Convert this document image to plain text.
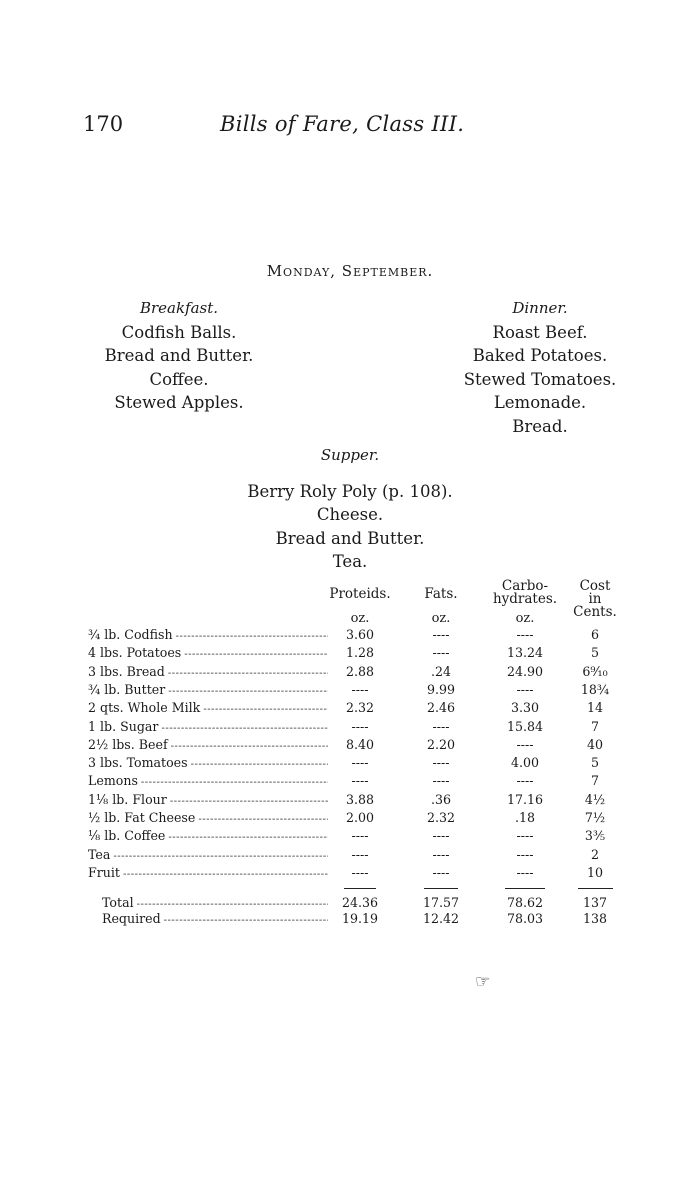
170	Bills of Fare, Class III.
Monday, September.
Breakfast.
Codfish Balls.
Bread and Butter.
Coffee.
Stewed Apples.
Dinner.
Roast Beef.
Baked Potatoes.
Stewed Tomatoes.
Lemonade.
Bread.
Supper.
Berry Roly Poly (p. 108).
Cheese.
Bread and Butter.
Tea.
Proteids.	Fats.	Carbo-
hydrates.
Cost
in
Cents.
oz.	oz.	oz.
¾ lb. Codfish -----	3.60	----	----	6
4 lbs. Potatoes -----	1.28	----	13.24	5
3 lbs. Bread -----	2.88	.24	24.90	6⁹⁄₁₀
¾ lb. Butter -----	----	9.99	----	18¾
2 qts. Whole Milk -----	2.32	2.46	3.30	14
1 lb. Sugar -----	----	----	15.84	7
2½ lbs. Beef -----	8.40	2.20	----	40
3 lbs. Tomatoes -----	----	----	4.00	5
Lemons -----	----	----	----	7
1⅛ lb. Flour -----	3.88	.36	17.16	4½
½ lb. Fat Cheese -----	2.00	2.32	.18	7½
⅛ lb. Coffee -----	----	----	----	3⅗
Tea -----	----	----	----	2
Fruit -----	----	----	----	10
Total -----	24.36	17.57	78.62	137
Required -----	19.19	12.42	78.03	138
☞
